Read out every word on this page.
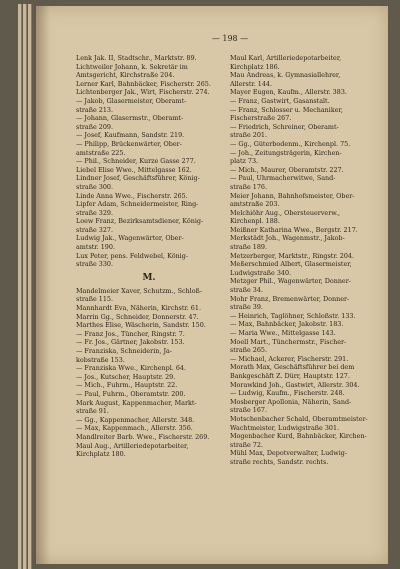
— 198 —
Lenk Jak. II, Stadtschr., Marktstr. 89.
Lichtweiler Johann, k. Sekretär im
Amtsgericht, Kirchstraße 204.
Lerner Karl, Bahnbäcker, Fischerstr. 265.
Lichtenberger Jak., Wirt, Fischerstr. 274.
— Jakob, Glasermeister, Oberamt-
straße 213.
— Johann, Glasermstr., Oberamt-
straße 209.
— Josef, Kaufmann, Sandstr. 219.
— Philipp, Brückenwärter, Ober-
amtstraße 225.
— Phil., Schneider, Kurze Gasse 277.
Liebel Elise Wwe., Mittelgasse 162.
Lindner Josef, Geschäftsführer, König-
straße 300.
Linde Anna Wwe., Fischerstr. 265.
Lipfer Adam, Schneidermeister, Ring-
straße 329.
Loew Franz, Bezirksamtsdiener, König-
straße 327.
Ludwig Jak., Wagenwärter, Ober-
amtstr. 190.
Lux Peter, pens. Feldwebel, König-
straße 330.
M.
Mandelmeier Xaver, Schutzm., Schloß-
straße 115.
Mannhardt Eva, Näherin, Kirchstr. 61.
Marrin Gg., Schneider, Donnerstr. 47.
Marthes Elise, Wäscherin, Sandstr. 150.
— Franz Jos., Tüncher, Ringstr. 7.
— Fr. Jos., Gärtner, Jakobstr. 153.
— Franziska, Schneiderin, Ja-
kobstraße 153.
— Franziska Wwe., Kirchenpl. 64.
— Jos., Kutscher, Hauptstr. 29.
— Mich., Fuhrm., Hauptstr. 22.
— Paul, Fuhrm., Oberamtstr. 200.
Mark August, Kappenmacher, Markt-
straße 91.
— Gg., Kappenmacher, Allerstr. 348.
— Max, Kappenmach., Allerstr. 356.
Mandlreiter Barb. Wwe., Fischerstr. 269.
Maul Aug., Artilleriedepotarbeiter,
Kirchplatz 180.
Maul Karl, Artilleriedepotarbeiter,
Kirchplatz 186.
Mau Andreas, k. Gymnasiallehrer,
Allerstr. 144.
Mayer Eugen, Kaufm., Allerstr. 383.
— Franz, Gastwirt, Gasanstalt.
— Franz, Schlosser u. Mechaniker,
Fischerstraße 267.
— Friedrich, Schreiner, Oberamt-
straße 201.
— Gg., Güterbodenm., Kirchenpl. 75.
— Joh., Zeitungsträgerin, Kirchen-
platz 73.
— Mich., Maurer, Oberamtstr. 227.
— Paul, Uhrmacherwitwe, Sand-
straße 176.
Meier Johann, Bahnhofsmeister, Ober-
amtstraße 203.
Melchiöhr Aug., Obersteuerverw.,
Kirchenpl. 188.
Meißner Katharina Wwe., Bergstr. 217.
Merkstädt Joh., Wagenmstr., Jakob-
straße 189.
Metzerberger, Marktstr., Ringstr. 204.
Meßerschmied Albert, Glasermeister,
Ludwigstraße 340.
Metzger Phil., Wagenwärter, Donner-
straße 34.
Mohr Franz, Bremenwärter, Donner-
straße 39.
— Heinrich, Taglöhner, Schloßstr. 133.
— Max, Bahnbäcker, Jakobstr. 183.
— Maria Wwe., Mittelgasse 143.
Moell Mart., Tünchermstr., Fischer-
straße 265.
— Michael, Ackerer, Fischerstr. 291.
Morath Max, Geschäftsführer bei dem
Bankgeschäft Z. Dürr, Hauptstr. 127.
Morawkind Joh., Gastwirt, Allerstr. 304.
— Ludwig, Kaufm., Fischerstr. 248.
Mosberger Apollonia, Näherin, Sand-
straße 167.
Motschenbacher Schald, Oberamtmeister-
Wachtmeister, Ludwigstraße 301.
Mogenbacher Kurd, Bahnbäcker, Kirchen-
straße 72.
Mühl Max, Depotverwalter, Ludwig-
straße rechts, Sandstr. rechts.
